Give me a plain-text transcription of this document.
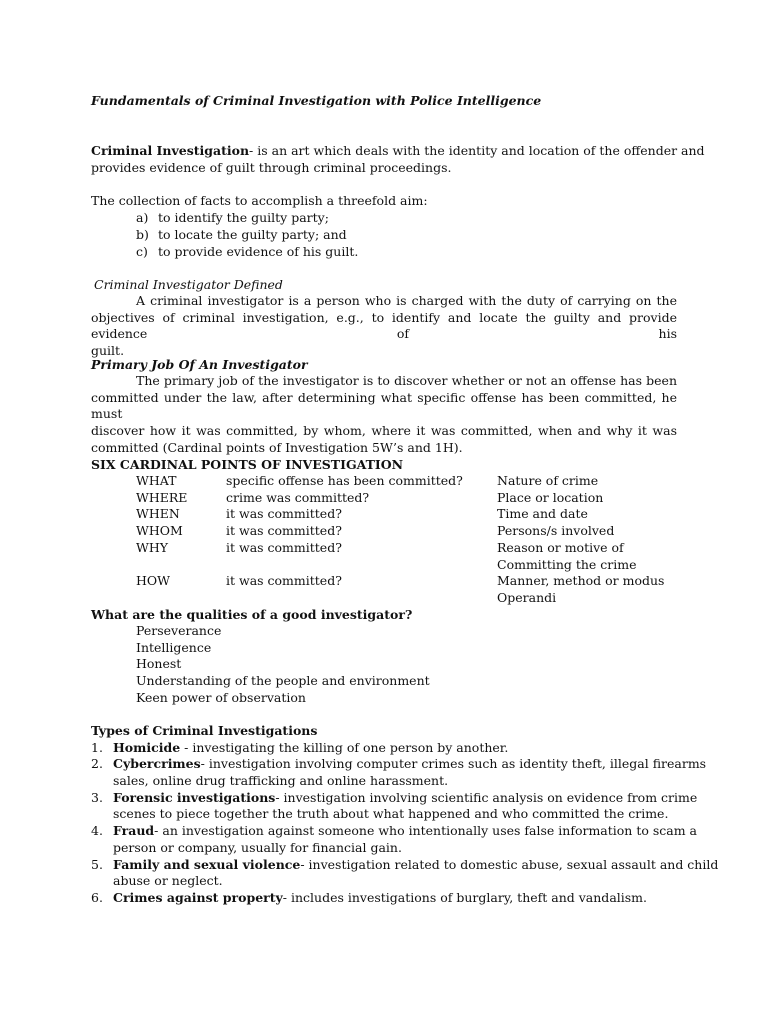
Fundamentals of Criminal Investigation with Police Intelligence
Criminal Investigation- is an art which deals with the identity and location of the offender and
provides evidence of guilt through criminal proceedings.
The collection of facts to accomplish a threefold aim:
a) to identify the guilty party;
b) to locate the guilty party; and
c) to provide evidence of his guilt.
Criminal Investigator Defined

A criminal investigator is a person who is charged with the duty of carrying on the

objectives of criminal investigation, e.g., to identify and locate the guilty and provide evidence of his

guilt.

Primary Job Of An Investigator

The primary job of the investigator is to discover whether or not an offense has been

committed under the law, after determining what specific offense has been committed, he must

discover how it was committed, by whom, where it was committed, when and why it was

committed (Cardinal points of Investigation 5W’s and 1H).

SIX CARDINAL POINTS OF INVESTIGATION
WHAT	specific offense has been committed?	Nature of crime
WHERE	crime was committed?	Place or location
WHEN	it was committed?	Time and date
WHOM	it was committed?	Persons/s involved
WHY	it was committed?	Reason or motive of
Committing the crime
HOW	it was committed?	Manner, method or modus
Operandi
What are the qualities of a good investigator?
Perseverance
Intelligence
Honest
Understanding of the people and environment
Keen power of observation
Types of Criminal Investigations
1. Homicide - investigating the killing of one person by another.
2. Cybercrimes- investigation involving computer crimes such as identity theft, illegal firearms
sales, online drug trafficking and online harassment.
3. Forensic investigations- investigation involving scientific analysis on evidence from crime
scenes to piece together the truth about what happened and who committed the crime.
4. Fraud- an investigation against someone who intentionally uses false information to scam a
person or company, usually for financial gain.
5. Family and sexual violence- investigation related to domestic abuse, sexual assault and child
abuse or neglect.
6. Crimes against property- includes investigations of burglary, theft and vandalism.
